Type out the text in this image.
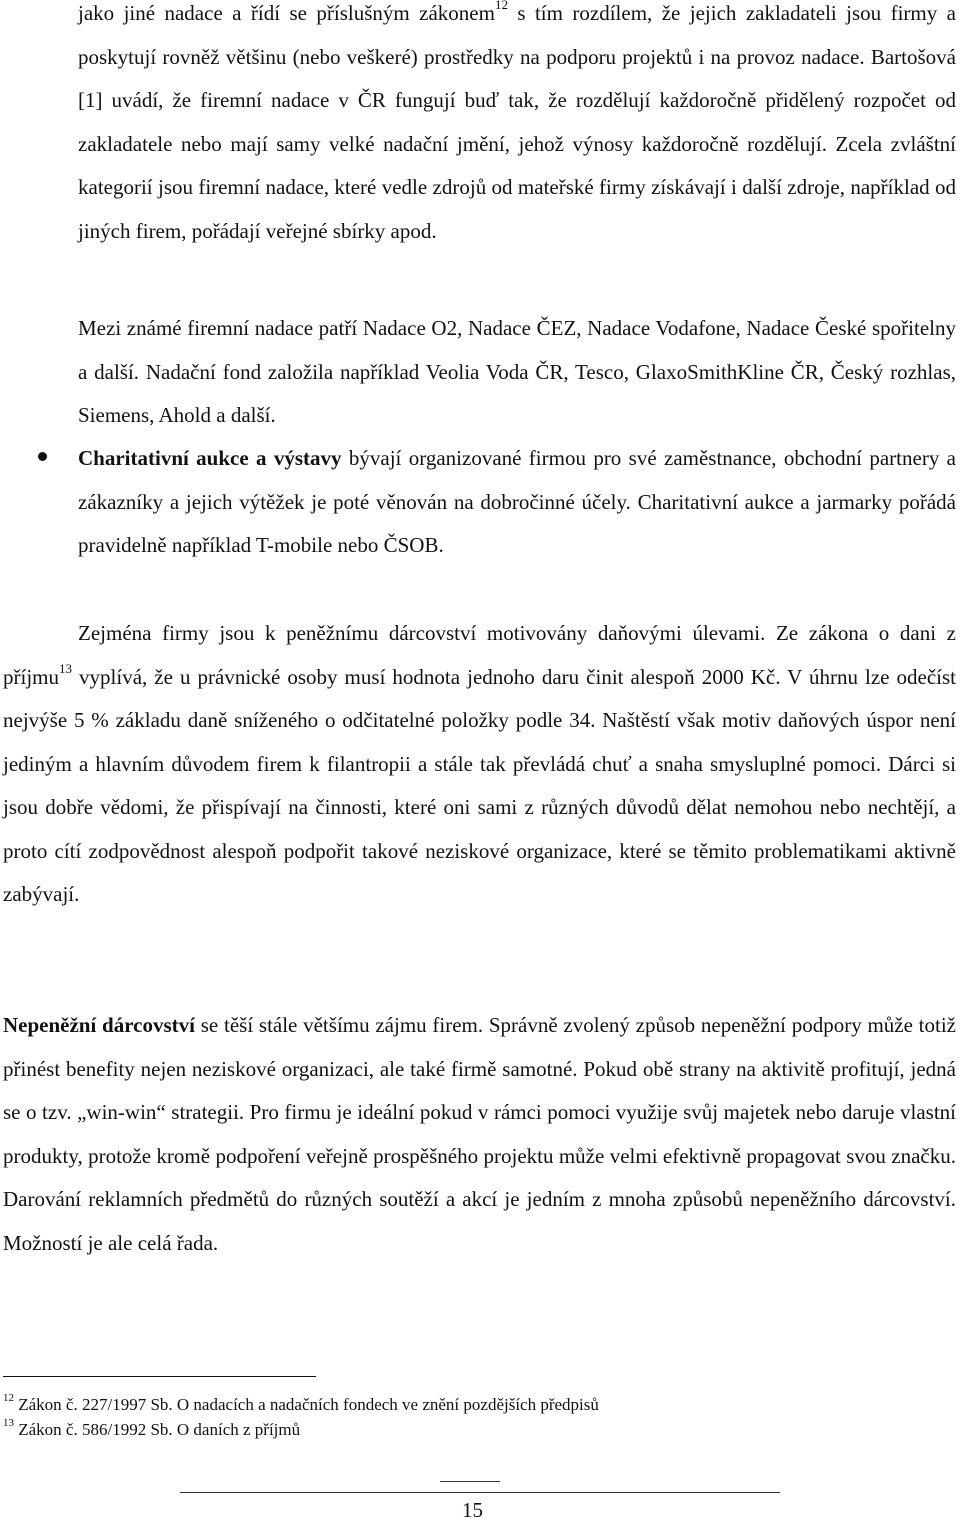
jako jiné nadace a řídí se příslušným zákonem$^{12}$ s tím rozdílem, že jejich zakladateli jsou firmy a poskytují rovněž většinu (nebo veškeré) prostředky na podporu projektů i na provoz nadace. Bartošová [1] uvádí, že firemní nadace v ČR fungují buď tak, že rozdělují každoročně přidělený rozpočet od zakladatele nebo mají samy velké nadační jmění, jehož výnosy každoročně rozdělují. Zcela zvláštní kategorií jsou firemní nadace, které vedle zdrojů od mateřské firmy získávají i další zdroje, například od jiných firem, pořádají veřejné sbírky apod.

Mezi známé firemní nadace patří Nadace O2, Nadace ČEZ, Nadace Vodafone, Nadace České spořitelny a další. Nadační fond založila například Veolia Voda ČR, Tesco, GlaxoSmithKline ČR, Český rozhlas, Siemens, Ahold a další.

Charitativní aukce a výstavy bývají organizované firmou pro své zaměstnance, obchodní partnery a zákazníky a jejich výtěžek je poté věnován na dobročinné účely. Charitativní aukce a jarmarky pořádá pravidelně například T-mobile nebo ČSOB.

Zejména firmy jsou k peněžnímu dárcovství motivovány daňovými úlevami. Ze zákona o dani z příjmu$^{13}$ vyplívá, že u právnické osoby musí hodnota jednoho daru činit alespoň 2000 Kč. V úhrnu lze odečíst nejvýše 5 % základu daně sníženého o odčitatelné položky podle 34. Naštěstí však motiv daňových úspor není jediným a hlavním důvodem firem k filantropii a stále tak převládá chuť a snaha smysluplné pomoci. Dárci si jsou dobře vědomi, že přispívají na činnosti, které oni sami z různých důvodů dělat nemohou nebo nechtějí, a proto cítí zodpovědnost alespoň podpořit takové neziskové organizace, které se těmito problematikami aktivně zabývají.

Nepeněžní dárcovství se těší stále většímu zájmu firem. Správně zvolený způsob nepeněžní podpory může totiž přinést benefity nejen neziskové organizaci, ale také firmě samotné. Pokud obě strany na aktivitě profitují, jedná se o tzv. „win-win“ strategii. Pro firmu je ideální pokud v rámci pomoci využije svůj majetek nebo daruje vlastní produkty, protože kromě podpoření veřejně prospěšného projektu může velmi efektivně propagovat svou značku. Darování reklamních předmětů do různých soutěží a akcí je jedním z mnoha způsobů nepeněžního dárcovství. Možností je ale celá řada.

$^{12}$ Zákon č. 227/1997 Sb. O nadacích a nadačních fondech ve znění pozdějších předpisů
$^{13}$ Zákon č. 586/1992 Sb. O daních z příjmů
15
